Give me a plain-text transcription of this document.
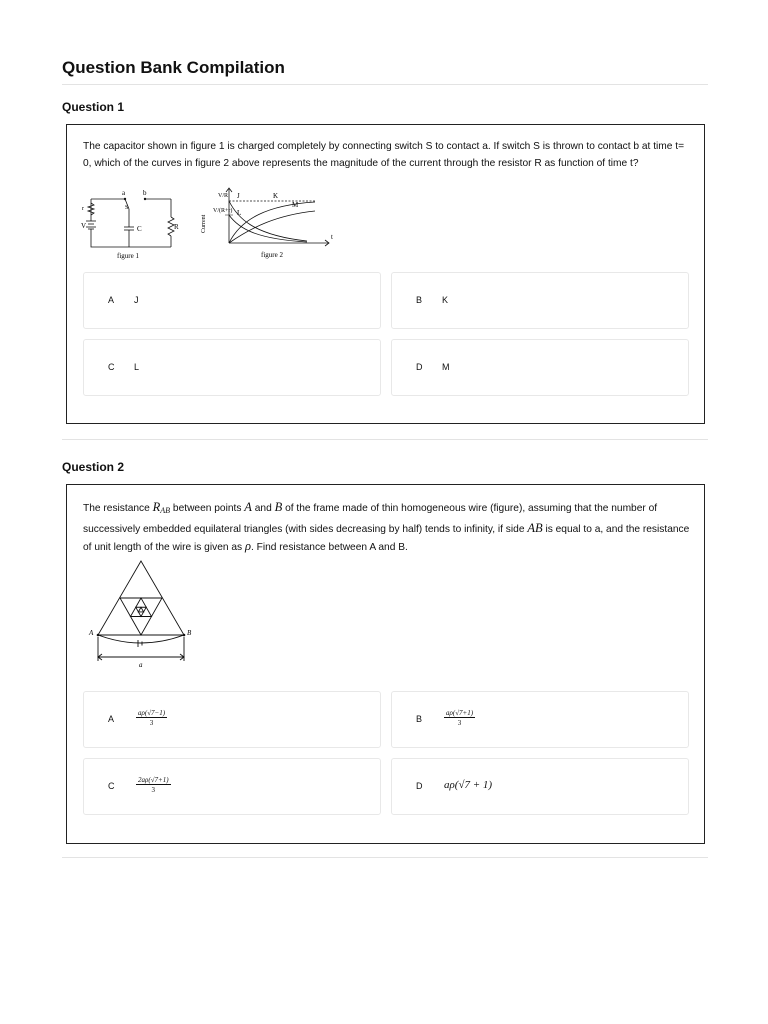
Question Bank Compilation
Question 1
The capacitor shown in figure 1 is charged completely by connecting switch S to contact a. If switch S is thrown to contact b at time t= 0, which of the curves in figure 2 above represents the magnitude of the current through the resistor R as function of time t?
a	b
S
C	R
r
V
figure 1
Current
V/R
V/(R+r)
J	K
L
M
t
figure 2
A J	B K
C L	D M
Question 2
The resistance $R_{AB}$ between points A and B of the frame made of thin homogeneous wire (figure), assuming that the number of successively embedded equilateral triangles (with sides decreasing by half) tends to infinity, if side AB is equal to a, and the resistance of unit length of the wire is given as ρ. Find resistance between A and B.
A	B
a
A	$\frac{a\rho(√7-1)}{3}$	B	$\frac{a\rho(√7+1)}{3}$
C	$\frac{2a\rho(√7+1)}{3}$	D aρ(√7 + 1)
